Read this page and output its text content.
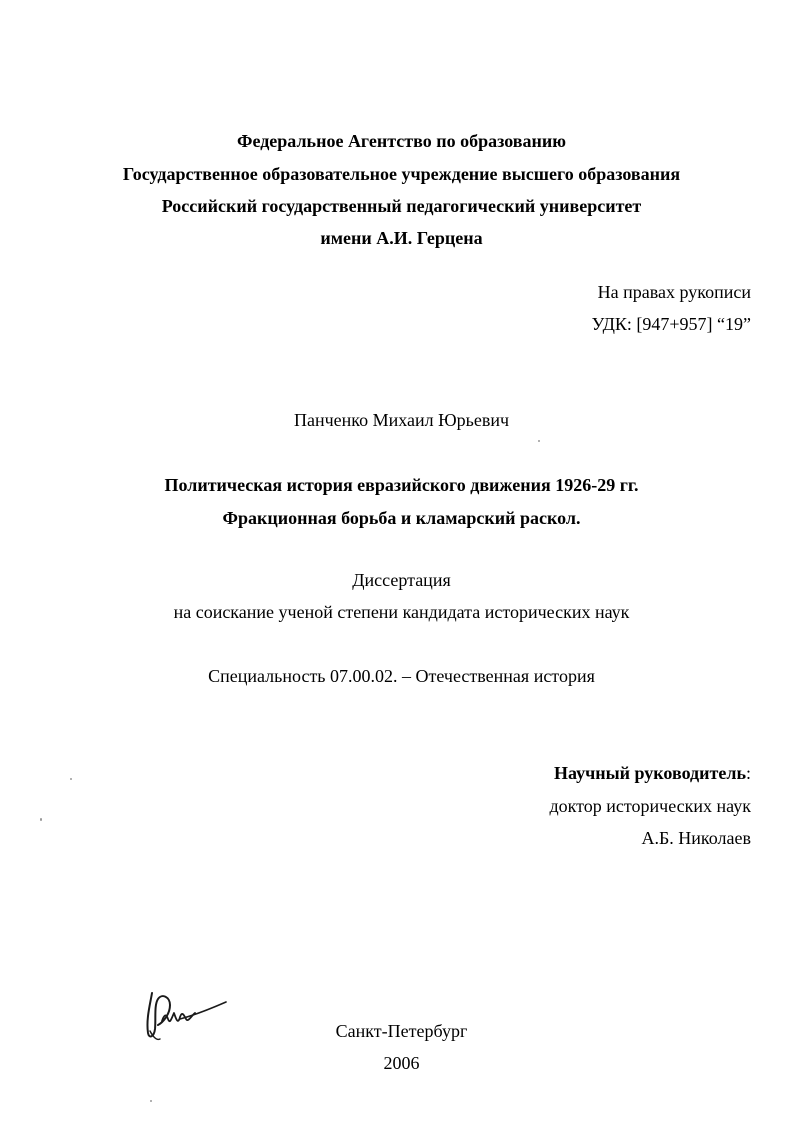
Федеральное Агентство по образованию
Государственное образовательное учреждение высшего образования
Российский государственный педагогический университет
имени А.И. Герцена
На правах рукописи
УДК: [947+957] “19”
Панченко Михаил Юрьевич
Политическая история евразийского движения 1926-29 гг.
Фракционная борьба и кламарский раскол.
Диссертация
на соискание ученой степени кандидата исторических наук
Специальность 07.00.02. – Отечественная история
Научный руководитель:
доктор исторических наук
А.Б. Николаев
Санкт-Петербург
2006
